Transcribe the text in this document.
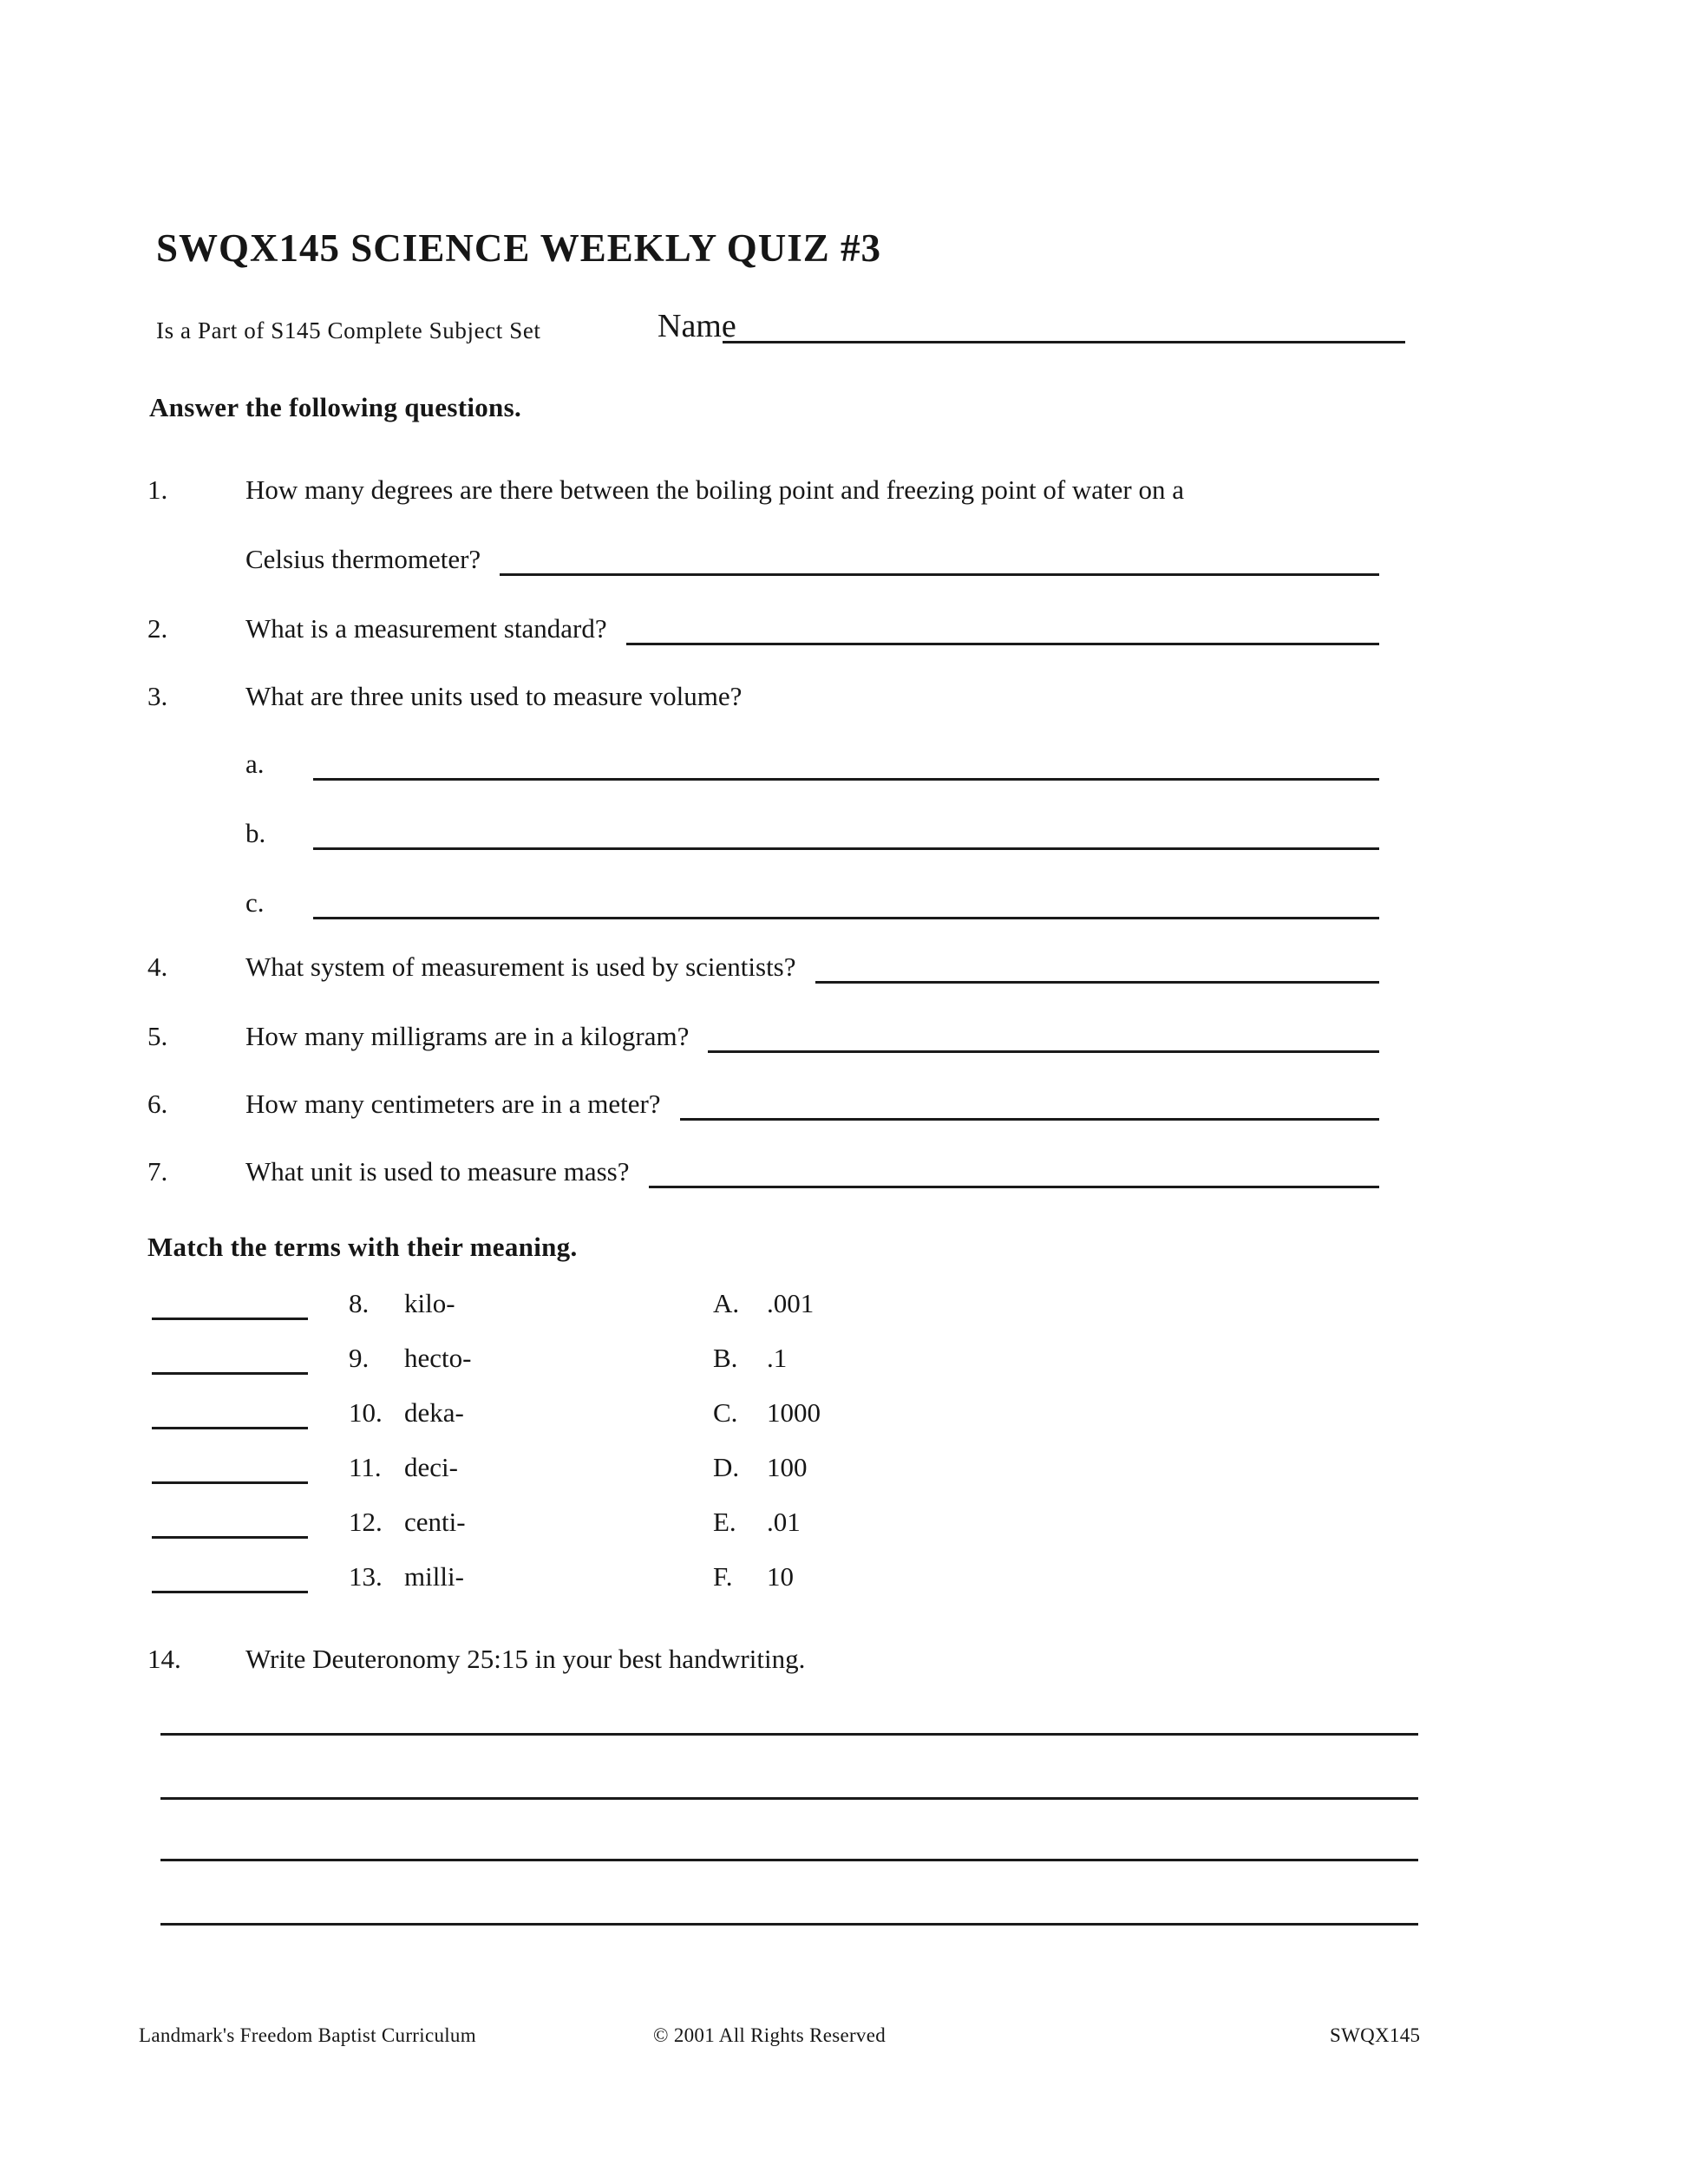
SWQX145 SCIENCE WEEKLY QUIZ #3
Is a Part of S145 Complete Subject Set	Name
Answer the following questions.
1.	How many degrees are there between the boiling point and freezing point of water on a
Celsius thermometer?
2.	What is a measurement standard?
3.	What are three units used to measure volume?
a.
b.
c.
4.	What system of measurement is used by scientists?
5.	How many milligrams are in a kilogram?
6.	How many centimeters are in a meter?
7.	What unit is used to measure mass?
Match the terms with their meaning.
8.	kilo-	A.	.001
9.	hecto-	B.	.1
10. deka-	C.	1000
11. deci-	D.	100
12. centi-	E.	.01
13. milli-	F.	10
14.	Write Deuteronomy 25:15 in your best handwriting.
Landmark's Freedom Baptist Curriculum	© 2001 All Rights Reserved	SWQX145
